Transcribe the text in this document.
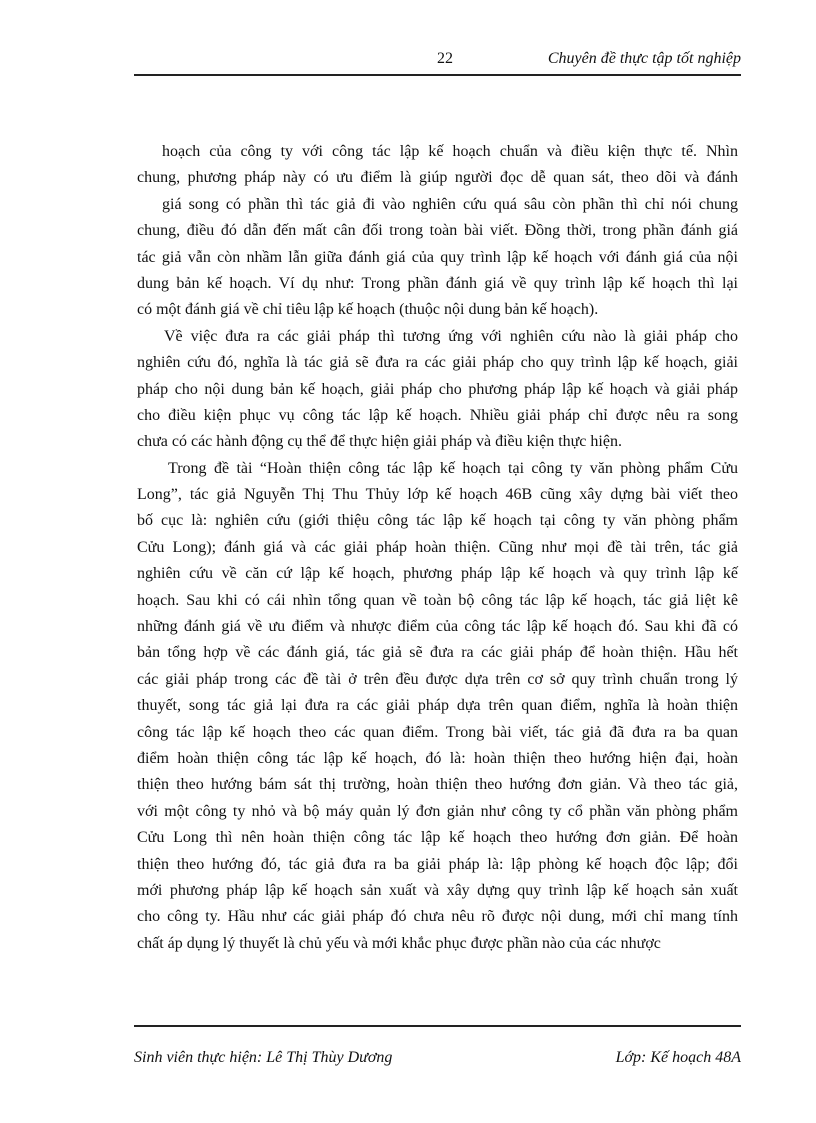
22	Chuyên đề thực tập tốt nghiệp
hoạch của công ty với công tác lập kế hoạch chuẩn và điều kiện thực tế. Nhìn
chung, phương pháp này có ưu điểm là giúp người đọc dễ quan sát, theo dõi và đánh
giá song có phần thì tác giả đi vào nghiên cứu quá sâu còn phần thì chỉ nói chung
chung, điều đó dẫn đến mất cân đối trong toàn bài viết. Đồng thời, trong phần đánh giá
tác giả vẫn còn nhầm lẫn giữa đánh giá của quy trình lập kế hoạch với đánh giá của nội
dung bản kế hoạch. Ví dụ như: Trong phần đánh giá về quy trình lập kế hoạch thì lại
có một đánh giá về chỉ tiêu lập kế hoạch (thuộc nội dung bản kế hoạch).
Về việc đưa ra các giải pháp thì tương ứng với nghiên cứu nào là giải pháp cho
nghiên cứu đó, nghĩa là tác giả sẽ đưa ra các giải pháp cho quy trình lập kế hoạch, giải
pháp cho nội dung bản kế hoạch, giải pháp cho phương pháp lập kế hoạch và giải pháp
cho điều kiện phục vụ công tác lập kế hoạch. Nhiều giải pháp chỉ được nêu ra song
chưa có các hành động cụ thể để thực hiện giải pháp và điều kiện thực hiện.
Trong đề tài “Hoàn thiện công tác lập kế hoạch tại công ty văn phòng phẩm Cửu
Long”, tác giả Nguyễn Thị Thu Thủy lớp kế hoạch 46B cũng xây dựng bài viết theo
bố cục là: nghiên cứu (giới thiệu công tác lập kế hoạch tại công ty văn phòng phẩm
Cửu Long); đánh giá và các giải pháp hoàn thiện. Cũng như mọi đề tài trên, tác giả
nghiên cứu về căn cứ lập kế hoạch, phương pháp lập kế hoạch và quy trình lập kế
hoạch. Sau khi có cái nhìn tổng quan về toàn bộ công tác lập kế hoạch, tác giả liệt kê
những đánh giá về ưu điểm và nhược điểm của công tác lập kế hoạch đó. Sau khi đã có
bản tổng hợp về các đánh giá, tác giả sẽ đưa ra các giải pháp để hoàn thiện. Hầu hết
các giải pháp trong các đề tài ở trên đều được dựa trên cơ sở quy trình chuẩn trong lý
thuyết, song tác giả lại đưa ra các giải pháp dựa trên quan điểm, nghĩa là hoàn thiện
công tác lập kế hoạch theo các quan điểm. Trong bài viết, tác giả đã đưa ra ba quan
điểm hoàn thiện công tác lập kế hoạch, đó là: hoàn thiện theo hướng hiện đại, hoàn
thiện theo hướng bám sát thị trường, hoàn thiện theo hướng đơn giản. Và theo tác giả,
với một công ty nhỏ và bộ máy quản lý đơn giản như công ty cổ phần văn phòng phẩm
Cửu Long thì nên hoàn thiện công tác lập kế hoạch theo hướng đơn giản. Để hoàn
thiện theo hướng đó, tác giả đưa ra ba giải pháp là: lập phòng kế hoạch độc lập; đổi
mới phương pháp lập kế hoạch sản xuất và xây dựng quy trình lập kế hoạch sản xuất
cho công ty. Hầu như các giải pháp đó chưa nêu rõ được nội dung, mới chỉ mang tính
chất áp dụng lý thuyết là chủ yếu và mới khắc phục được phần nào của các nhược
Sinh viên thực hiện: Lê Thị Thùy Dương	Lớp: Kế hoạch 48A
